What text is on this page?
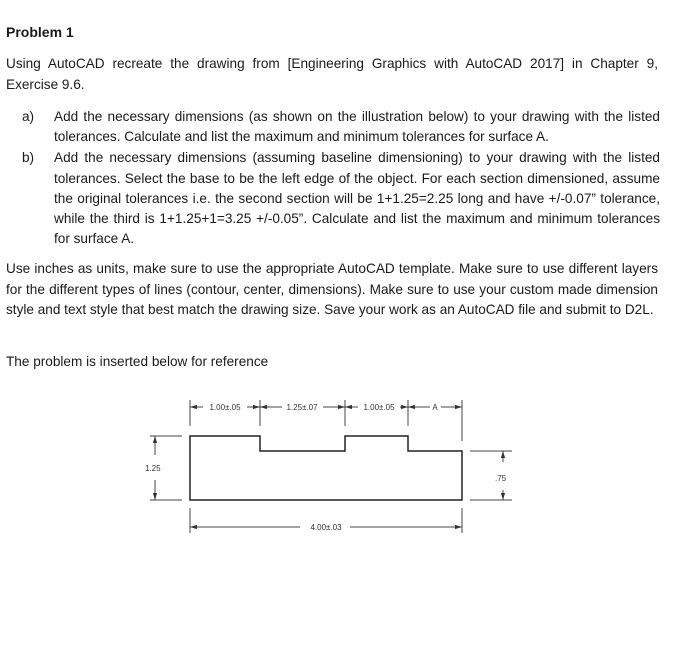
Problem 1
Using AutoCAD recreate the drawing from [Engineering Graphics with AutoCAD 2017] in Chapter 9, Exercise 9.6.
a) Add the necessary dimensions (as shown on the illustration below) to your drawing with the listed tolerances. Calculate and list the maximum and minimum tolerances for surface A.
b) Add the necessary dimensions (assuming baseline dimensioning) to your drawing with the listed tolerances. Select the base to be the left edge of the object. For each section dimensioned, assume the original tolerances i.e. the second section will be 1+1.25=2.25 long and have +/-0.07” tolerance, while the third is 1+1.25+1=3.25 +/-0.05”. Calculate and list the maximum and minimum tolerances for surface A.
Use inches as units, make sure to use the appropriate AutoCAD template. Make sure to use different layers for the different types of lines (contour, center, dimensions). Make sure to use your custom made dimension style and text style that best match the drawing size. Save your work as an AutoCAD file and submit to D2L.
The problem is inserted below for reference
1.00±.05	1.25±.07	1.00±.05	A
1.25
.75
4.00±.03
